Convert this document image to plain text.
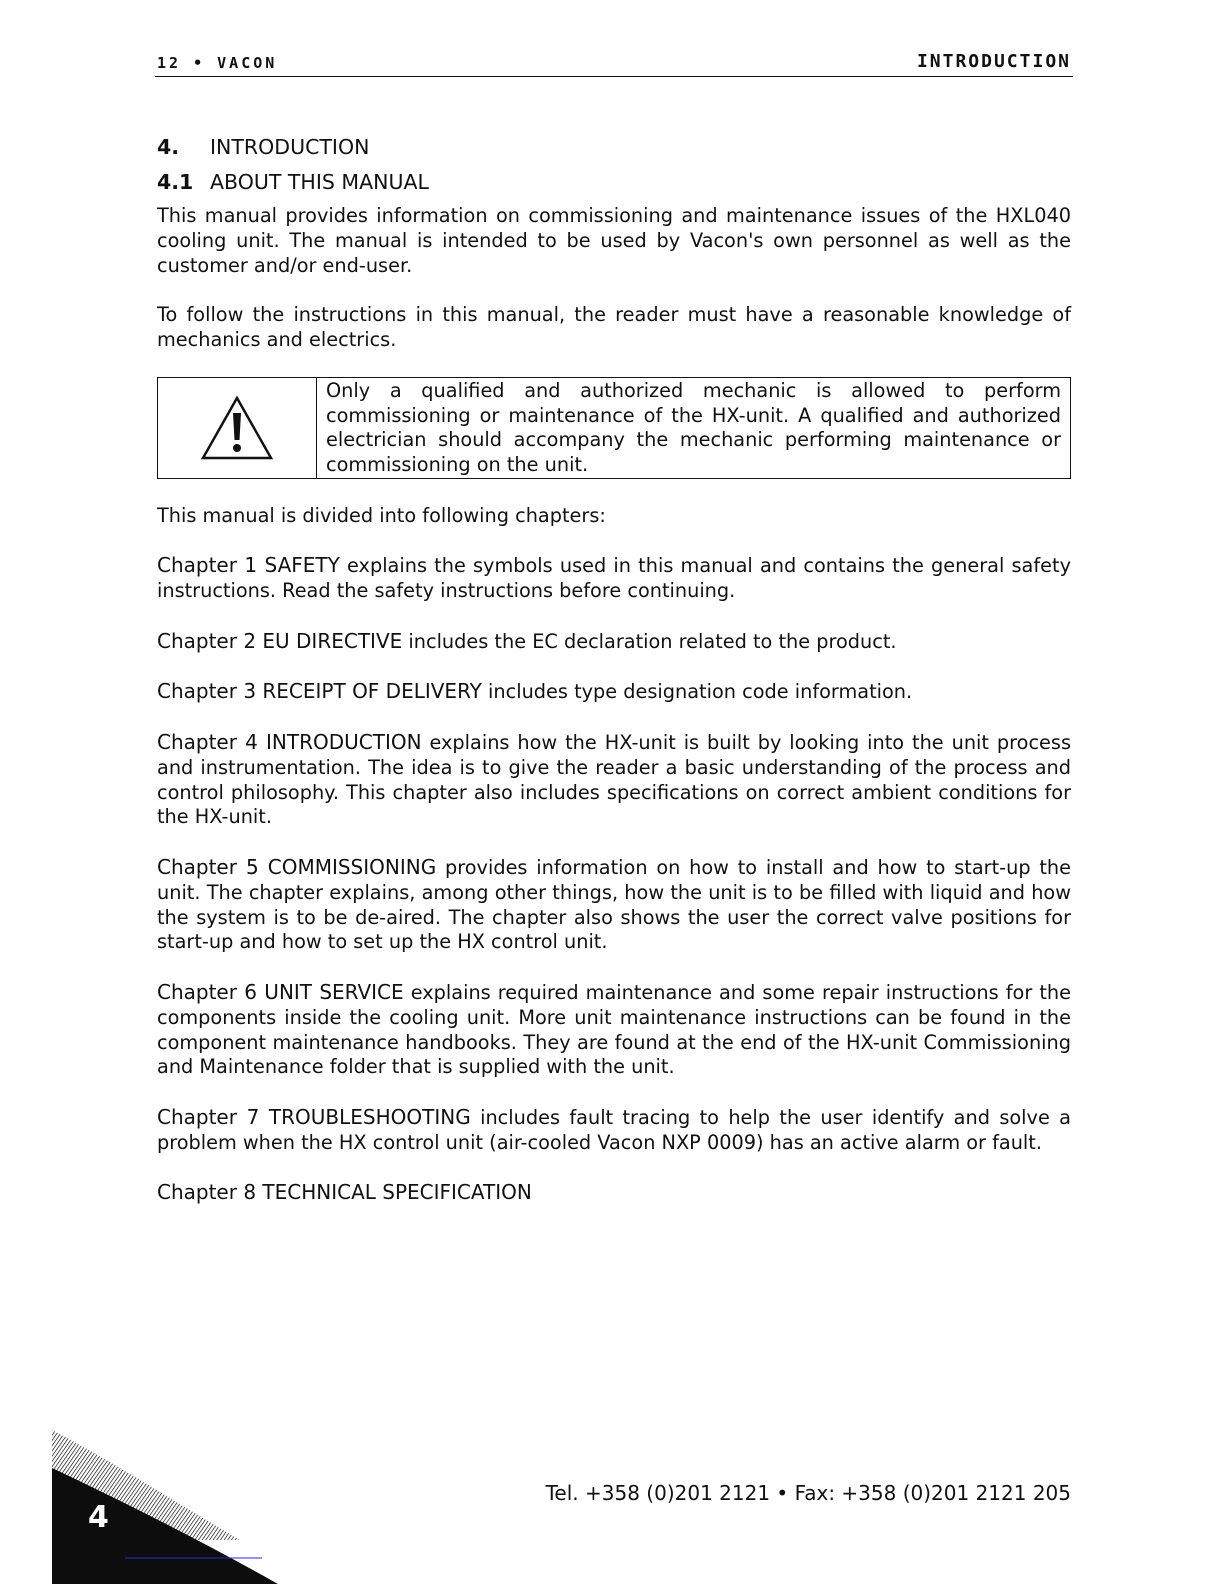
12 • VACON	INTRODUCTION
4. INTRODUCTION
4.1 ABOUT THIS MANUAL

This manual provides information on commissioning and maintenance issues of the HXL040 cooling unit. The manual is intended to be used by Vacon's own personnel as well as the customer and/or end-user.

To follow the instructions in this manual, the reader must have a reasonable knowledge of mechanics and electrics.

Only a qualified and authorized mechanic is allowed to perform commissioning or maintenance of the HX-unit. A qualified and authorized electrician should accompany the mechanic performing maintenance or commissioning on the unit.

This manual is divided into following chapters:

Chapter 1 SAFETY explains the symbols used in this manual and contains the general safety instructions. Read the safety instructions before continuing.

Chapter 2 EU DIRECTIVE includes the EC declaration related to the product.

Chapter 3 RECEIPT OF DELIVERY includes type designation code information.

Chapter 4 INTRODUCTION explains how the HX-unit is built by looking into the unit process and instrumentation. The idea is to give the reader a basic understanding of the process and control philosophy. This chapter also includes specifications on correct ambient conditions for the HX-unit.

Chapter 5 COMMISSIONING provides information on how to install and how to start-up the unit. The chapter explains, among other things, how the unit is to be filled with liquid and how the system is to be de-aired. The chapter also shows the user the correct valve positions for start-up and how to set up the HX control unit.

Chapter 6 UNIT SERVICE explains required maintenance and some repair instructions for the components inside the cooling unit. More unit maintenance instructions can be found in the component maintenance handbooks. They are found at the end of the HX-unit Commissioning and Maintenance folder that is supplied with the unit.

Chapter 7 TROUBLESHOOTING includes fault tracing to help the user identify and solve a problem when the HX control unit (air-cooled Vacon NXP 0009) has an active alarm or fault.

Chapter 8 TECHNICAL SPECIFICATION

Tel. +358 (0)201 2121 • Fax: +358 (0)201 2121 205
4
